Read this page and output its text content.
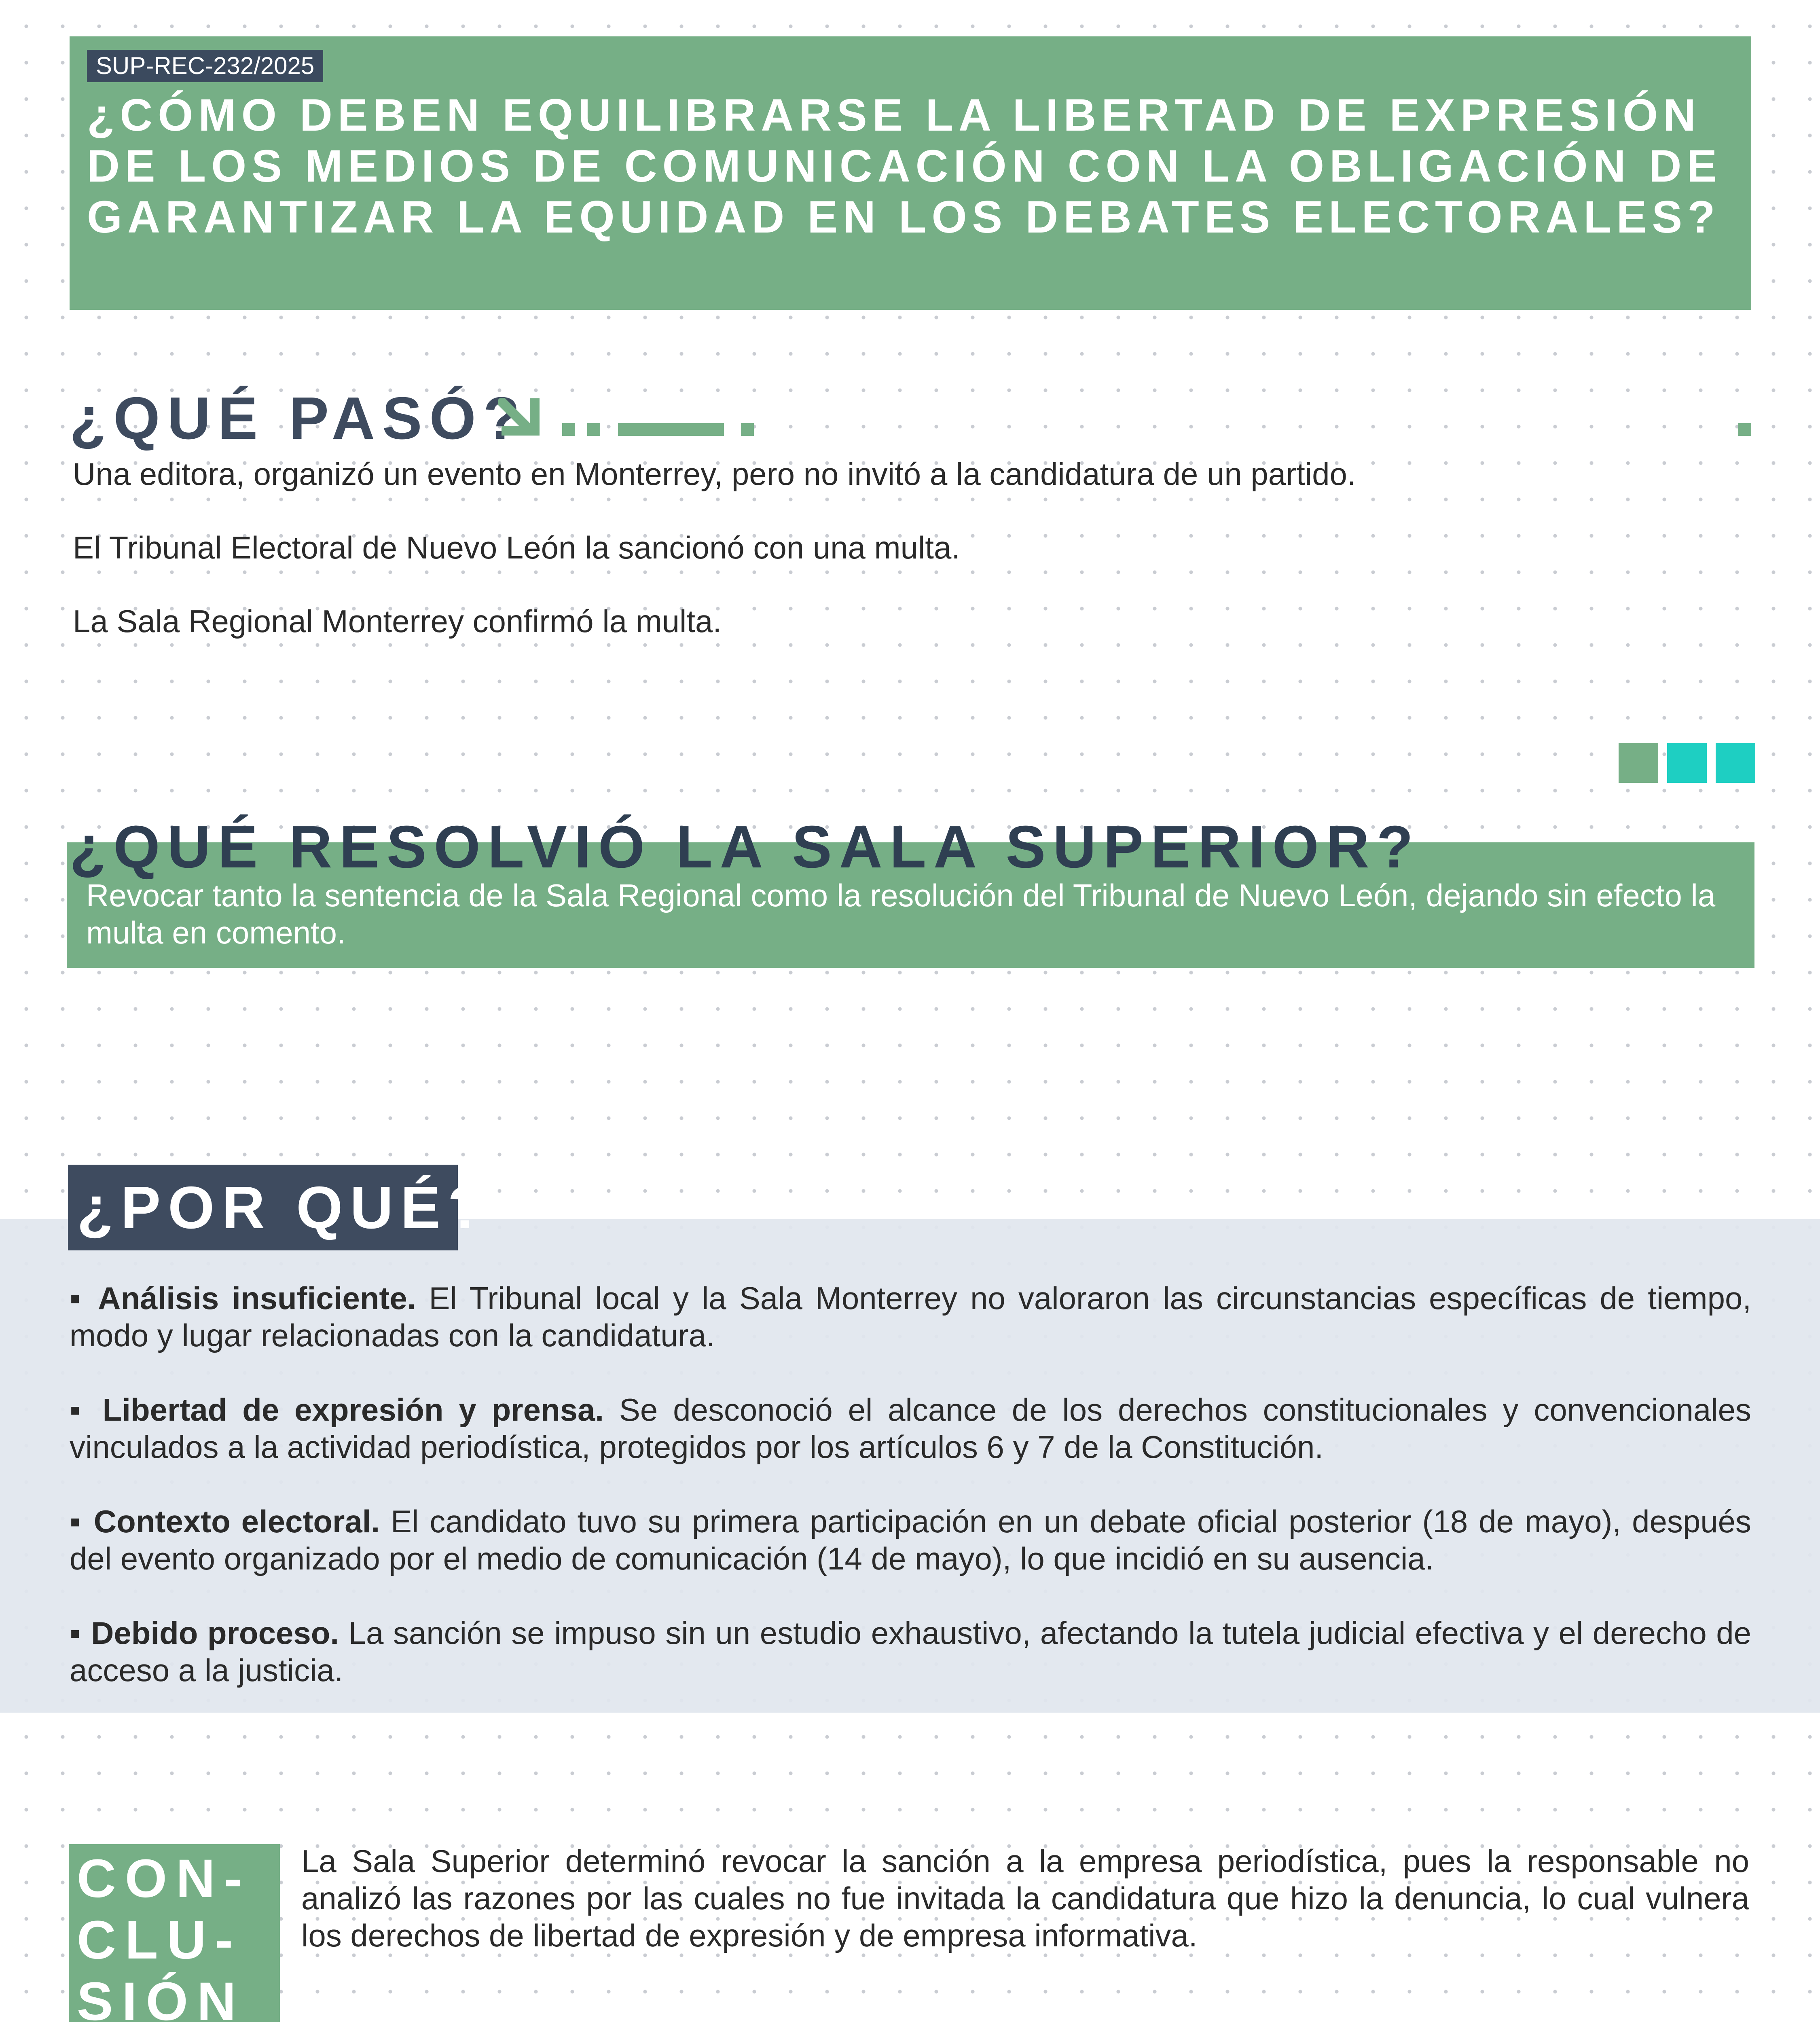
SUP-REC-232/2025
¿CÓMO DEBEN EQUILIBRARSE LA LIBERTAD DE EXPRESIÓN DE LOS MEDIOS DE COMUNICACIÓN CON LA OBLIGACIÓN DE GARANTIZAR LA EQUIDAD EN LOS DEBATES ELECTORALES?
¿QUÉ PASÓ?
Una editora, organizó un evento en Monterrey, pero no invitó a la candidatura de un partido.
El Tribunal Electoral de Nuevo León la sancionó con una multa.
La Sala Regional Monterrey confirmó la multa.
¿QUÉ RESOLVIÓ LA SALA SUPERIOR?
Revocar tanto la sentencia de la Sala Regional como la resolución del Tribunal de Nuevo León, dejando sin efecto la multa en comento.
¿POR QUÉ?
▪ Análisis insuficiente. El Tribunal local y la Sala Monterrey no valoraron las circunstancias específicas de tiempo, modo y lugar relacionadas con la candidatura.
▪ Libertad de expresión y prensa. Se desconoció el alcance de los derechos constitucionales y convencionales vinculados a la actividad periodística, protegidos por los artículos 6 y 7 de la Constitución.
▪ Contexto electoral. El candidato tuvo su primera participación en un debate oficial posterior (18 de mayo), después del evento organizado por el medio de comunicación (14 de mayo), lo que incidió en su ausencia.
▪ Debido proceso. La sanción se impuso sin un estudio exhaustivo, afectando la tutela judicial efectiva y el derecho de acceso a la justicia.
CON-
CLU-
SIÓN
La Sala Superior determinó revocar la sanción a la empresa periodística, pues la responsable no analizó las razones por las cuales no fue invitada la candidatura que hizo la denuncia, lo cual vulnera los derechos de libertad de expresión y de empresa informativa.
